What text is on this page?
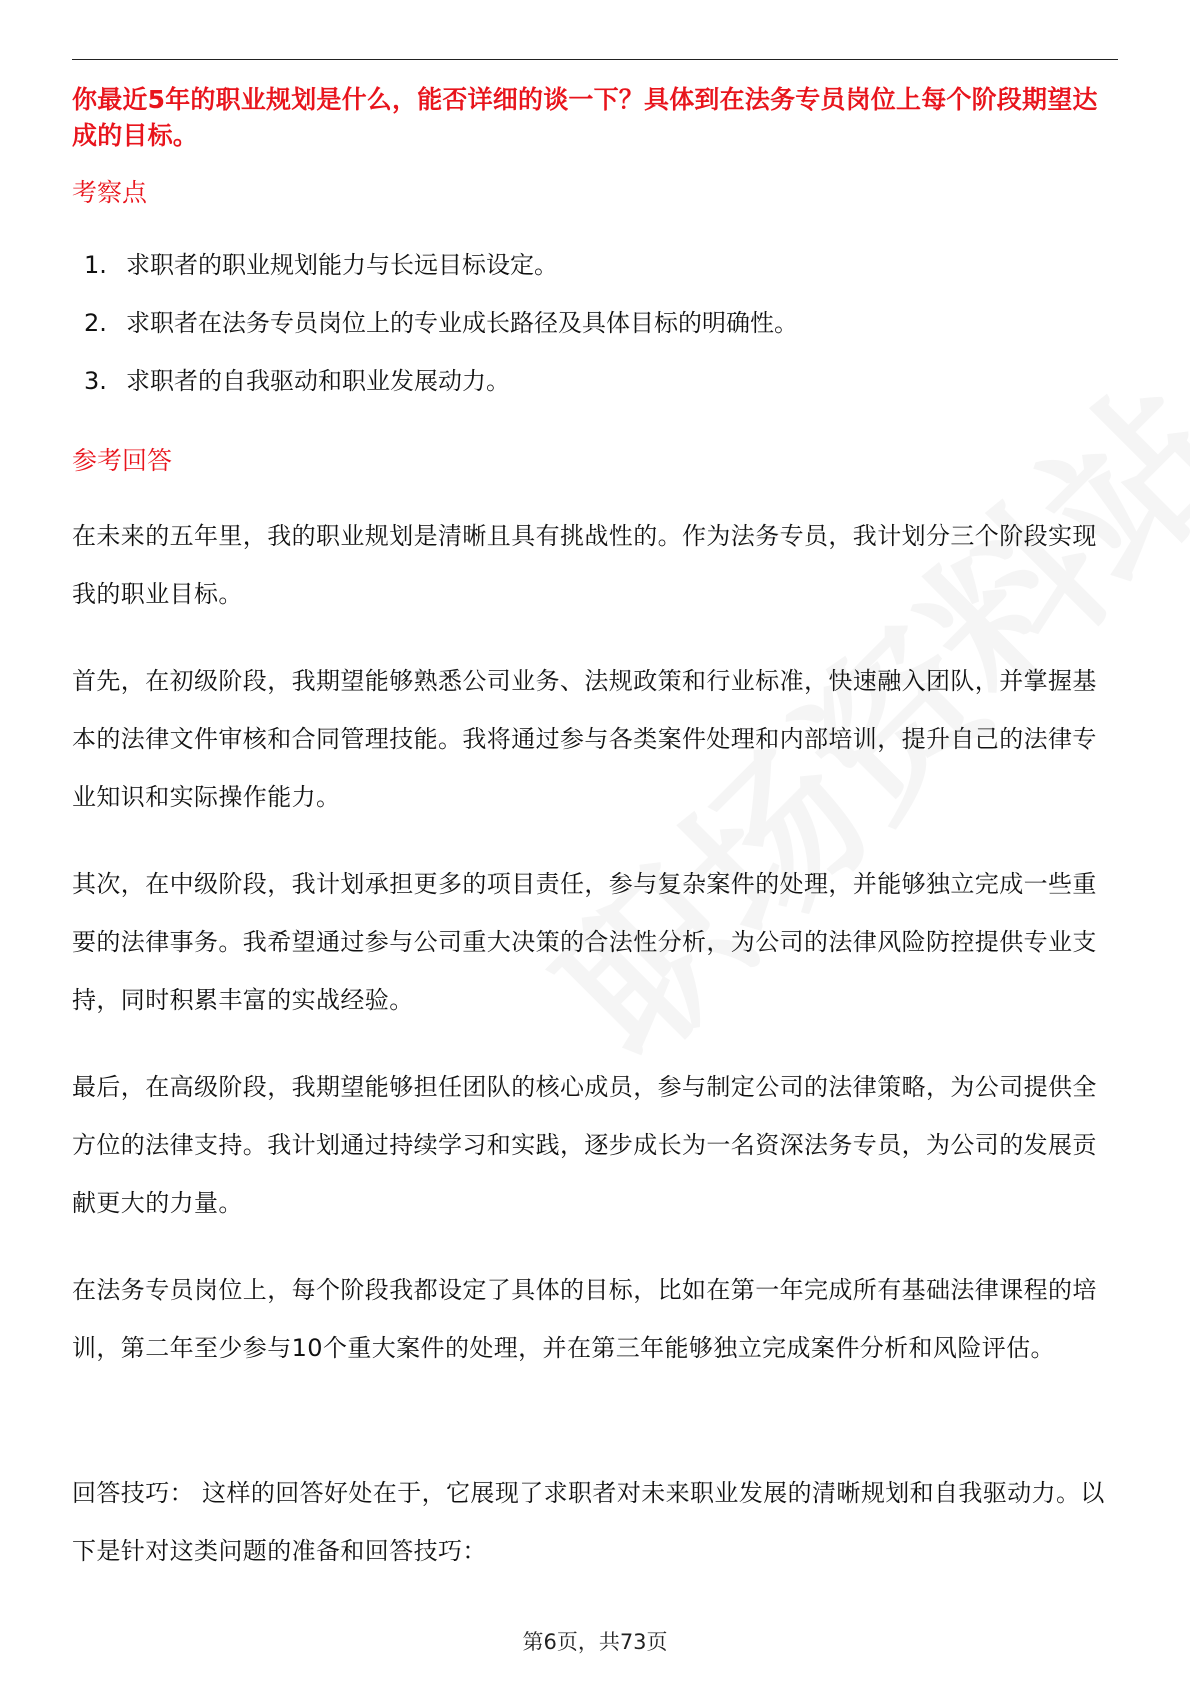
你最近5年的职业规划是什么，能否详细的谈一下？具体到在法务专员岗位上每个阶段期望达成的目标。
考察点
1. 求职者的职业规划能力与长远目标设定。
2. 求职者在法务专员岗位上的专业成长路径及具体目标的明确性。
3. 求职者的自我驱动和职业发展动力。
参考回答

在未来的五年里，我的职业规划是清晰且具有挑战性的。作为法务专员，我计划分三个阶段实现我的职业目标。

首先，在初级阶段，我期望能够熟悉公司业务、法规政策和行业标准，快速融入团队，并掌握基本的法律文件审核和合同管理技能。我将通过参与各类案件处理和内部培训，提升自己的法律专业知识和实际操作能力。

其次，在中级阶段，我计划承担更多的项目责任，参与复杂案件的处理，并能够独立完成一些重要的法律事务。我希望通过参与公司重大决策的合法性分析，为公司的法律风险防控提供专业支持，同时积累丰富的实战经验。

最后，在高级阶段，我期望能够担任团队的核心成员，参与制定公司的法律策略，为公司提供全方位的法律支持。我计划通过持续学习和实践，逐步成长为一名资深法务专员，为公司的发展贡献更大的力量。

在法务专员岗位上，每个阶段我都设定了具体的目标，比如在第一年完成所有基础法律课程的培训，第二年至少参与10个重大案件的处理，并在第三年能够独立完成案件分析和风险评估。

回答技巧： 这样的回答好处在于，它展现了求职者对未来职业发展的清晰规划和自我驱动力。以下是针对这类问题的准备和回答技巧：

第6页，共73页
